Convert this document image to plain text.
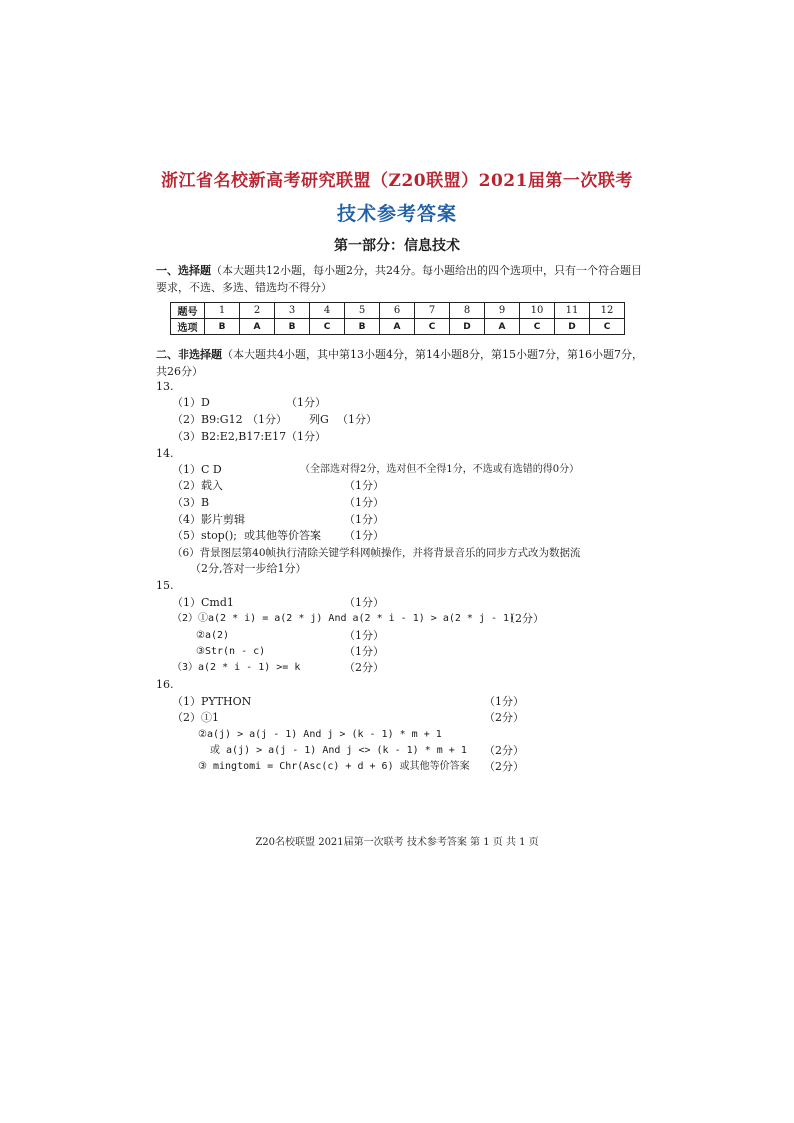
浙江省名校新高考研究联盟（Z20联盟）2021届第一次联考
技术参考答案
第一部分：信息技术
一、选择题（本大题共12小题，每小题2分，共24分。每小题给出的四个选项中，只有一个符合题目要求，不选、多选、错选均不得分）
题号	1	2	3	4	5	6	7	8	9	10	11	12
选项	B	A	B	C	B	A	C	D	A	C	D	C
二、非选择题（本大题共4小题，其中第13小题4分，第14小题8分，第15小题7分，第16小题7分，共26分）
13.
（1）D	（1分）
（2）B9:G12 （1分） 列G （1分）
（3）B2:E2,B17:E17 （1分）
14.
（1）C D	（全部选对得2分，选对但不全得1分，不选或有选错的得0分）
（2）载入	（1分）
（3）B	（1分）
（4）影片剪辑	（1分）
（5）stop();  或其他等价答案 （1分）
（6）背景图层第40帧执行清除关键学科网帧操作，并将背景音乐的同步方式改为数据流
（2分,答对一步给1分）
15.
（1）Cmd1	（1分）
（2）①a(2 * i) = a(2 * j) And a(2 * i - 1) > a(2 * j - 1)
（2分）
②a(2)	（1分）
③Str(n - c)	（1分）
（3）a(2 * i - 1) >= k	（2分）
16.
（1）PYTHON	（1分）
（2）①1	（2分）
②a(j) > a(j - 1) And j > (k - 1) * m + 1
或 a(j) > a(j - 1) And j <> (k - 1) * m + 1 （2分）
③ mingtomi = Chr(Asc(c) + d + 6) 或其他等价答案 （2分）
Z20名校联盟 2021届第一次联考 技术参考答案 第 1 页 共 1 页
